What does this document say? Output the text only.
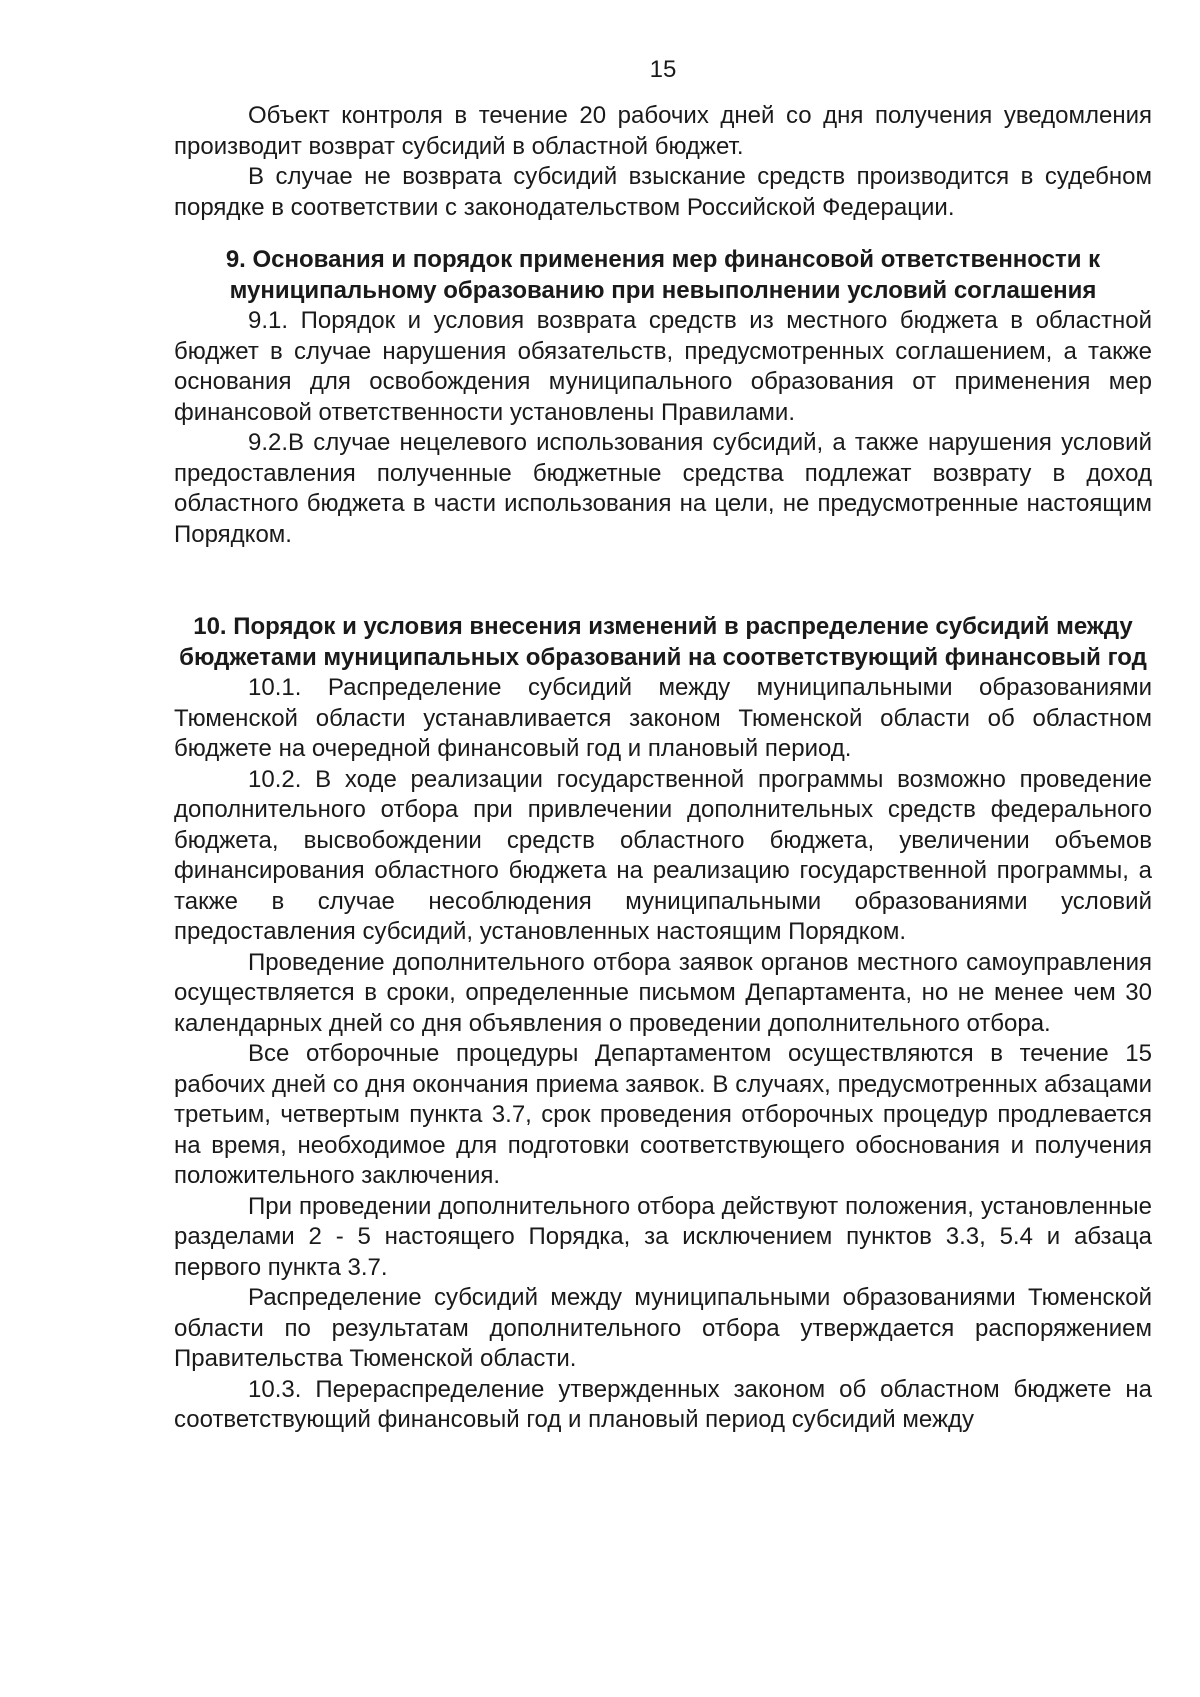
15

Объект контроля в течение 20 рабочих дней со дня получения уведомления производит возврат субсидий в областной бюджет.

В случае не возврата субсидий взыскание средств производится в судебном порядке в соответствии с законодательством Российской Федерации.

9. Основания и порядок применения мер финансовой ответственности к муниципальному образованию при невыполнении условий соглашения

9.1. Порядок и условия возврата средств из местного бюджета в областной бюджет в случае нарушения обязательств, предусмотренных соглашением, а также основания для освобождения муниципального образования от применения мер финансовой ответственности установлены Правилами.

9.2.В случае нецелевого использования субсидий, а также нарушения условий предоставления полученные бюджетные средства подлежат возврату в доход областного бюджета в части использования на цели, не предусмотренные настоящим Порядком.

10. Порядок и условия внесения изменений в распределение субсидий между бюджетами муниципальных образований на соответствующий финансовый год

10.1. Распределение субсидий между муниципальными образованиями Тюменской области устанавливается законом Тюменской области об областном бюджете на очередной финансовый год и плановый период.

10.2. В ходе реализации государственной программы возможно проведение дополнительного отбора при привлечении дополнительных средств федерального бюджета, высвобождении средств областного бюджета, увеличении объемов финансирования областного бюджета на реализацию государственной программы, а также в случае несоблюдения муниципальными образованиями условий предоставления субсидий, установленных настоящим Порядком.

Проведение дополнительного отбора заявок органов местного самоуправления осуществляется в сроки, определенные письмом Департамента, но не менее чем 30 календарных дней со дня объявления о проведении дополнительного отбора.

Все отборочные процедуры Департаментом осуществляются в течение 15 рабочих дней со дня окончания приема заявок. В случаях, предусмотренных абзацами третьим, четвертым пункта 3.7, срок проведения отборочных процедур продлевается на время, необходимое для подготовки соответствующего обоснования и получения положительного заключения.

При проведении дополнительного отбора действуют положения, установленные разделами 2 - 5 настоящего Порядка, за исключением пунктов 3.3, 5.4 и абзаца первого пункта 3.7.

Распределение субсидий между муниципальными образованиями Тюменской области по результатам дополнительного отбора утверждается распоряжением Правительства Тюменской области.

10.3. Перераспределение утвержденных законом об областном бюджете на соответствующий финансовый год и плановый период субсидий между
